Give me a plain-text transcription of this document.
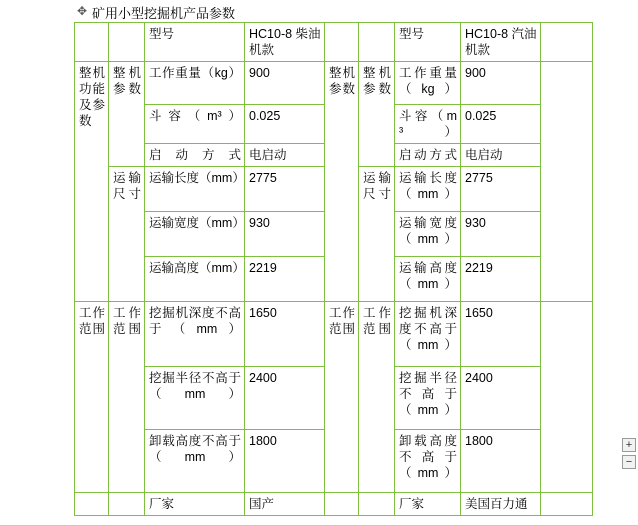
✥ 矿用小型挖掘机产品参数
		型号	HC10-8 柴油机款			型号	HC10-8 汽油机款	
整机功能及参数	整机参数	工作重量（kg）	900	整机参数	整机参数	工作重量（kg）	900	
		斗容（m³）	0.025			斗容（m³）	0.025	
		启动方式	电启动			启动方式	电启动	
	运输尺寸	运输长度（mm）	2775		运输尺寸	运输长度（mm）	2775	
		运输宽度（mm）	930			运输宽度（mm）	930	
		运输高度（mm）	2219			运输高度（mm）	2219	
工作范围	工作范围	挖掘机深度不高于（mm）	1650	工作范围	工作范围	挖掘机深度不高于（mm）	1650	
		挖掘半径不高于（mm）	2400			挖掘半径不高于（mm）	2400	
		卸载高度不高于（mm）	1800			卸载高度不高于（mm）	1800	
		厂家	国产			厂家	美国百力通	
+
−
